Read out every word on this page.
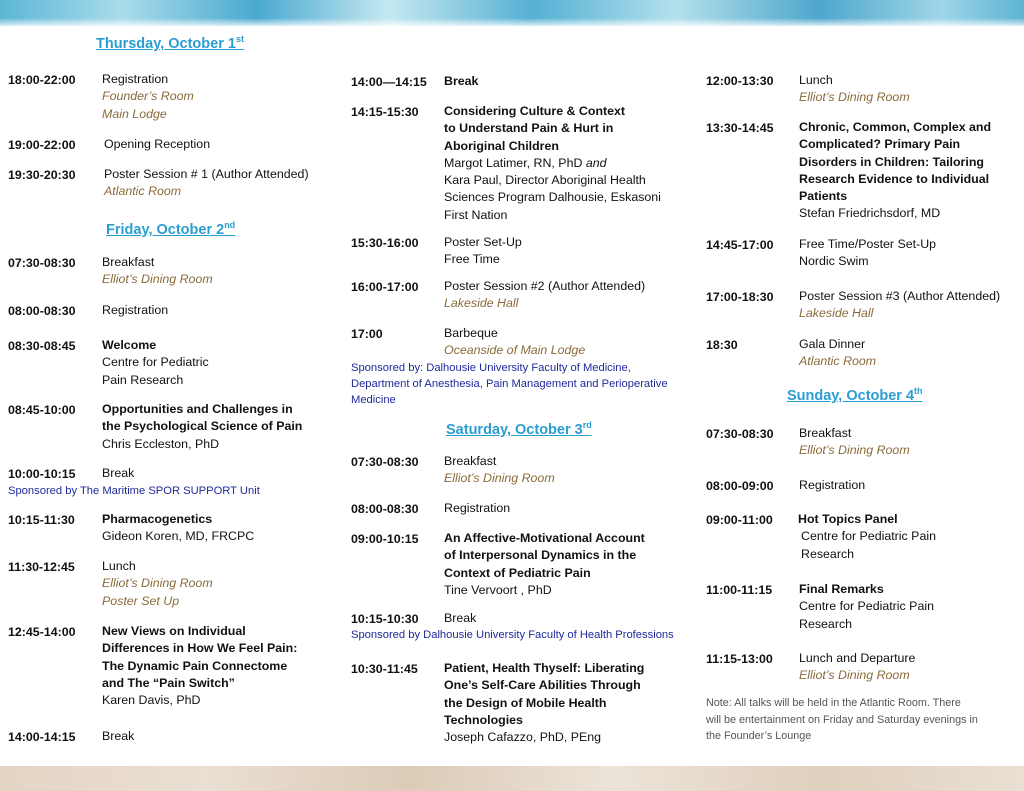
Thursday, October 1st
18:00-22:00 Registration
Founder’s Room
Main Lodge
19:00-22:00 Opening Reception
19:30-20:30 Poster Session # 1 (Author Attended)
Atlantic Room
Friday, October 2nd
07:30-08:30 Breakfast
Elliot’s Dining Room
08:00-08:30 Registration
08:30-08:45 Welcome
Centre for Pediatric
Pain Research
08:45-10:00 Opportunities and Challenges in
the Psychological Science of Pain
Chris Eccleston, PhD
10:00-10:15 Break
Sponsored by The Maritime SPOR SUPPORT Unit
10:15-11:30 Pharmacogenetics
Gideon Koren, MD, FRCPC
11:30-12:45 Lunch
Elliot’s Dining Room
Poster Set Up
12:45-14:00 New Views on Individual
Differences in How We Feel Pain:
The Dynamic Pain Connectome
and The “Pain Switch”
Karen Davis, PhD
14:00-14:15 Break
14:00—14:15 Break
14:15-15:30 Considering Culture & Context
to Understand Pain & Hurt in
Aboriginal Children
Margot Latimer, RN, PhD and
Kara Paul, Director Aboriginal Health
Sciences Program Dalhousie, Eskasoni
First Nation
15:30-16:00 Poster Set-Up
Free Time
16:00-17:00 Poster Session #2 (Author Attended)
Lakeside Hall
17:00	Barbeque
Oceanside of Main Lodge
Sponsored by: Dalhousie University Faculty of Medicine,
Department of Anesthesia, Pain Management and Perioperative
Medicine
Saturday, October 3rd
07:30-08:30 Breakfast
Elliot’s Dining Room
08:00-08:30 Registration
09:00-10:15 An Affective-Motivational Account
of Interpersonal Dynamics in the
Context of Pediatric Pain
Tine Vervoort , PhD
10:15-10:30 Break
Sponsored by Dalhousie University Faculty of Health Professions
10:30-11:45 Patient, Health Thyself: Liberating
One’s Self-Care Abilities Through
the Design of Mobile Health
Technologies
Joseph Cafazzo, PhD, PEng
12:00-13:30 Lunch
Elliot’s Dining Room
13:30-14:45 Chronic, Common, Complex and
Complicated? Primary Pain
Disorders in Children: Tailoring
Research Evidence to Individual
Patients
Stefan Friedrichsdorf, MD
14:45-17:00 Free Time/Poster Set-Up
Nordic Swim
17:00-18:30 Poster Session #3 (Author Attended)
Lakeside Hall
18:30	Gala Dinner
Atlantic Room
Sunday, October 4th
07:30-08:30 Breakfast
Elliot’s Dining Room
08:00-09:00 Registration
09:00-11:00 Hot Topics Panel
Centre for Pediatric Pain
Research
11:00-11:15 Final Remarks
Centre for Pediatric Pain
Research
11:15-13:00 Lunch and Departure
Elliot’s Dining Room
Note: All talks will be held in the Atlantic Room. There
will be entertainment on Friday and Saturday evenings in
the Founder’s Lounge
